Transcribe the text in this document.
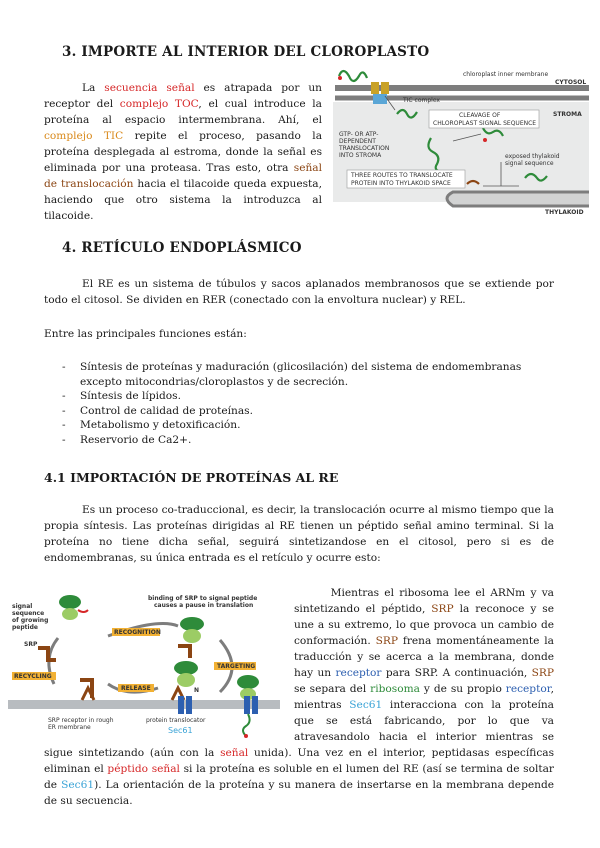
3. IMPORTE AL INTERIOR DEL CLOROPLASTO

La secuencia señal es atrapada por un receptor del complejo TOC, el cual introduce la proteína al espacio intermembrana. Ahí, el complejo TIC repite el proceso, pasando la proteína desplegada al estroma, donde la señal es eliminada por una proteasa. Tras esto, otra señal de translocación hacia el tilacoide queda expuesta, haciendo que otro sistema la introduzca al tilacoide.

chloroplast inner membrane
CYTOSOL
TIC complex
STROMA
CLEAVAGE OF
CHLOROPLAST SIGNAL SEQUENCE
GTP- OR ATP-
DEPENDENT
TRANSLOCATION
INTO STROMA	exposed thylakoid
signal sequence
THREE ROUTES TO TRANSLOCATE
PROTEIN INTO THYLAKOID SPACE
THYLAKOID
4. RETÍCULO ENDOPLÁSMICO

El RE es un sistema de túbulos y sacos aplanados membranosos que se extiende por todo el citosol. Se dividen en RER (conectado con la envoltura nuclear) y REL.

Entre las principales funciones están:

- Síntesis de proteínas y maduración (glicosilación) del sistema de endomembranas excepto mitocondrias/cloroplastos y de secreción.
- Síntesis de lípidos.
- Control de calidad de proteínas.
- Metabolismo y detoxificación.
- Reservorio de Ca2+.
4.1 IMPORTACIÓN DE PROTEÍNAS AL RE

Es un proceso co-traduccional, es decir, la translocación ocurre al mismo tiempo que la propia síntesis. Las proteínas dirigidas al RE tienen un péptido señal amino terminal. Si la proteína no tiene dicha señal, seguirá sintetizandose en el citosol, pero si es de endomembranas, su única entrada es el retículo y ocurre esto:

signal
sequence
of growing
peptide
SRP
binding of SRP to signal peptide
causes a pause in translation
RECOGNITION
TARGETING
RECYCLING
RELEASE	N
SRP receptor in rough
ER membrane
protein translocator
Sec61

Mientras el ribosoma lee el ARNm y va sintetizando el péptido, SRP la reconoce y se une a su extremo, lo que provoca un cambio de conformación. SRP frena momentáneamente la traducción y se acerca a la membrana, donde hay un receptor para SRP. A continuación, SRP se separa del ribosoma y de su propio receptor, mientras Sec61 interacciona con la proteína que se está fabricando, por lo que va atravesandolo hacia el interior mientras se sigue sintetizando (aún con la señal unida). Una vez en el interior, peptidasas específicas eliminan el péptido señal si la proteína es soluble en el lumen del RE (así se termina de soltar de Sec61). La orientación de la proteína y su manera de insertarse en la membrana depende de su secuencia.
